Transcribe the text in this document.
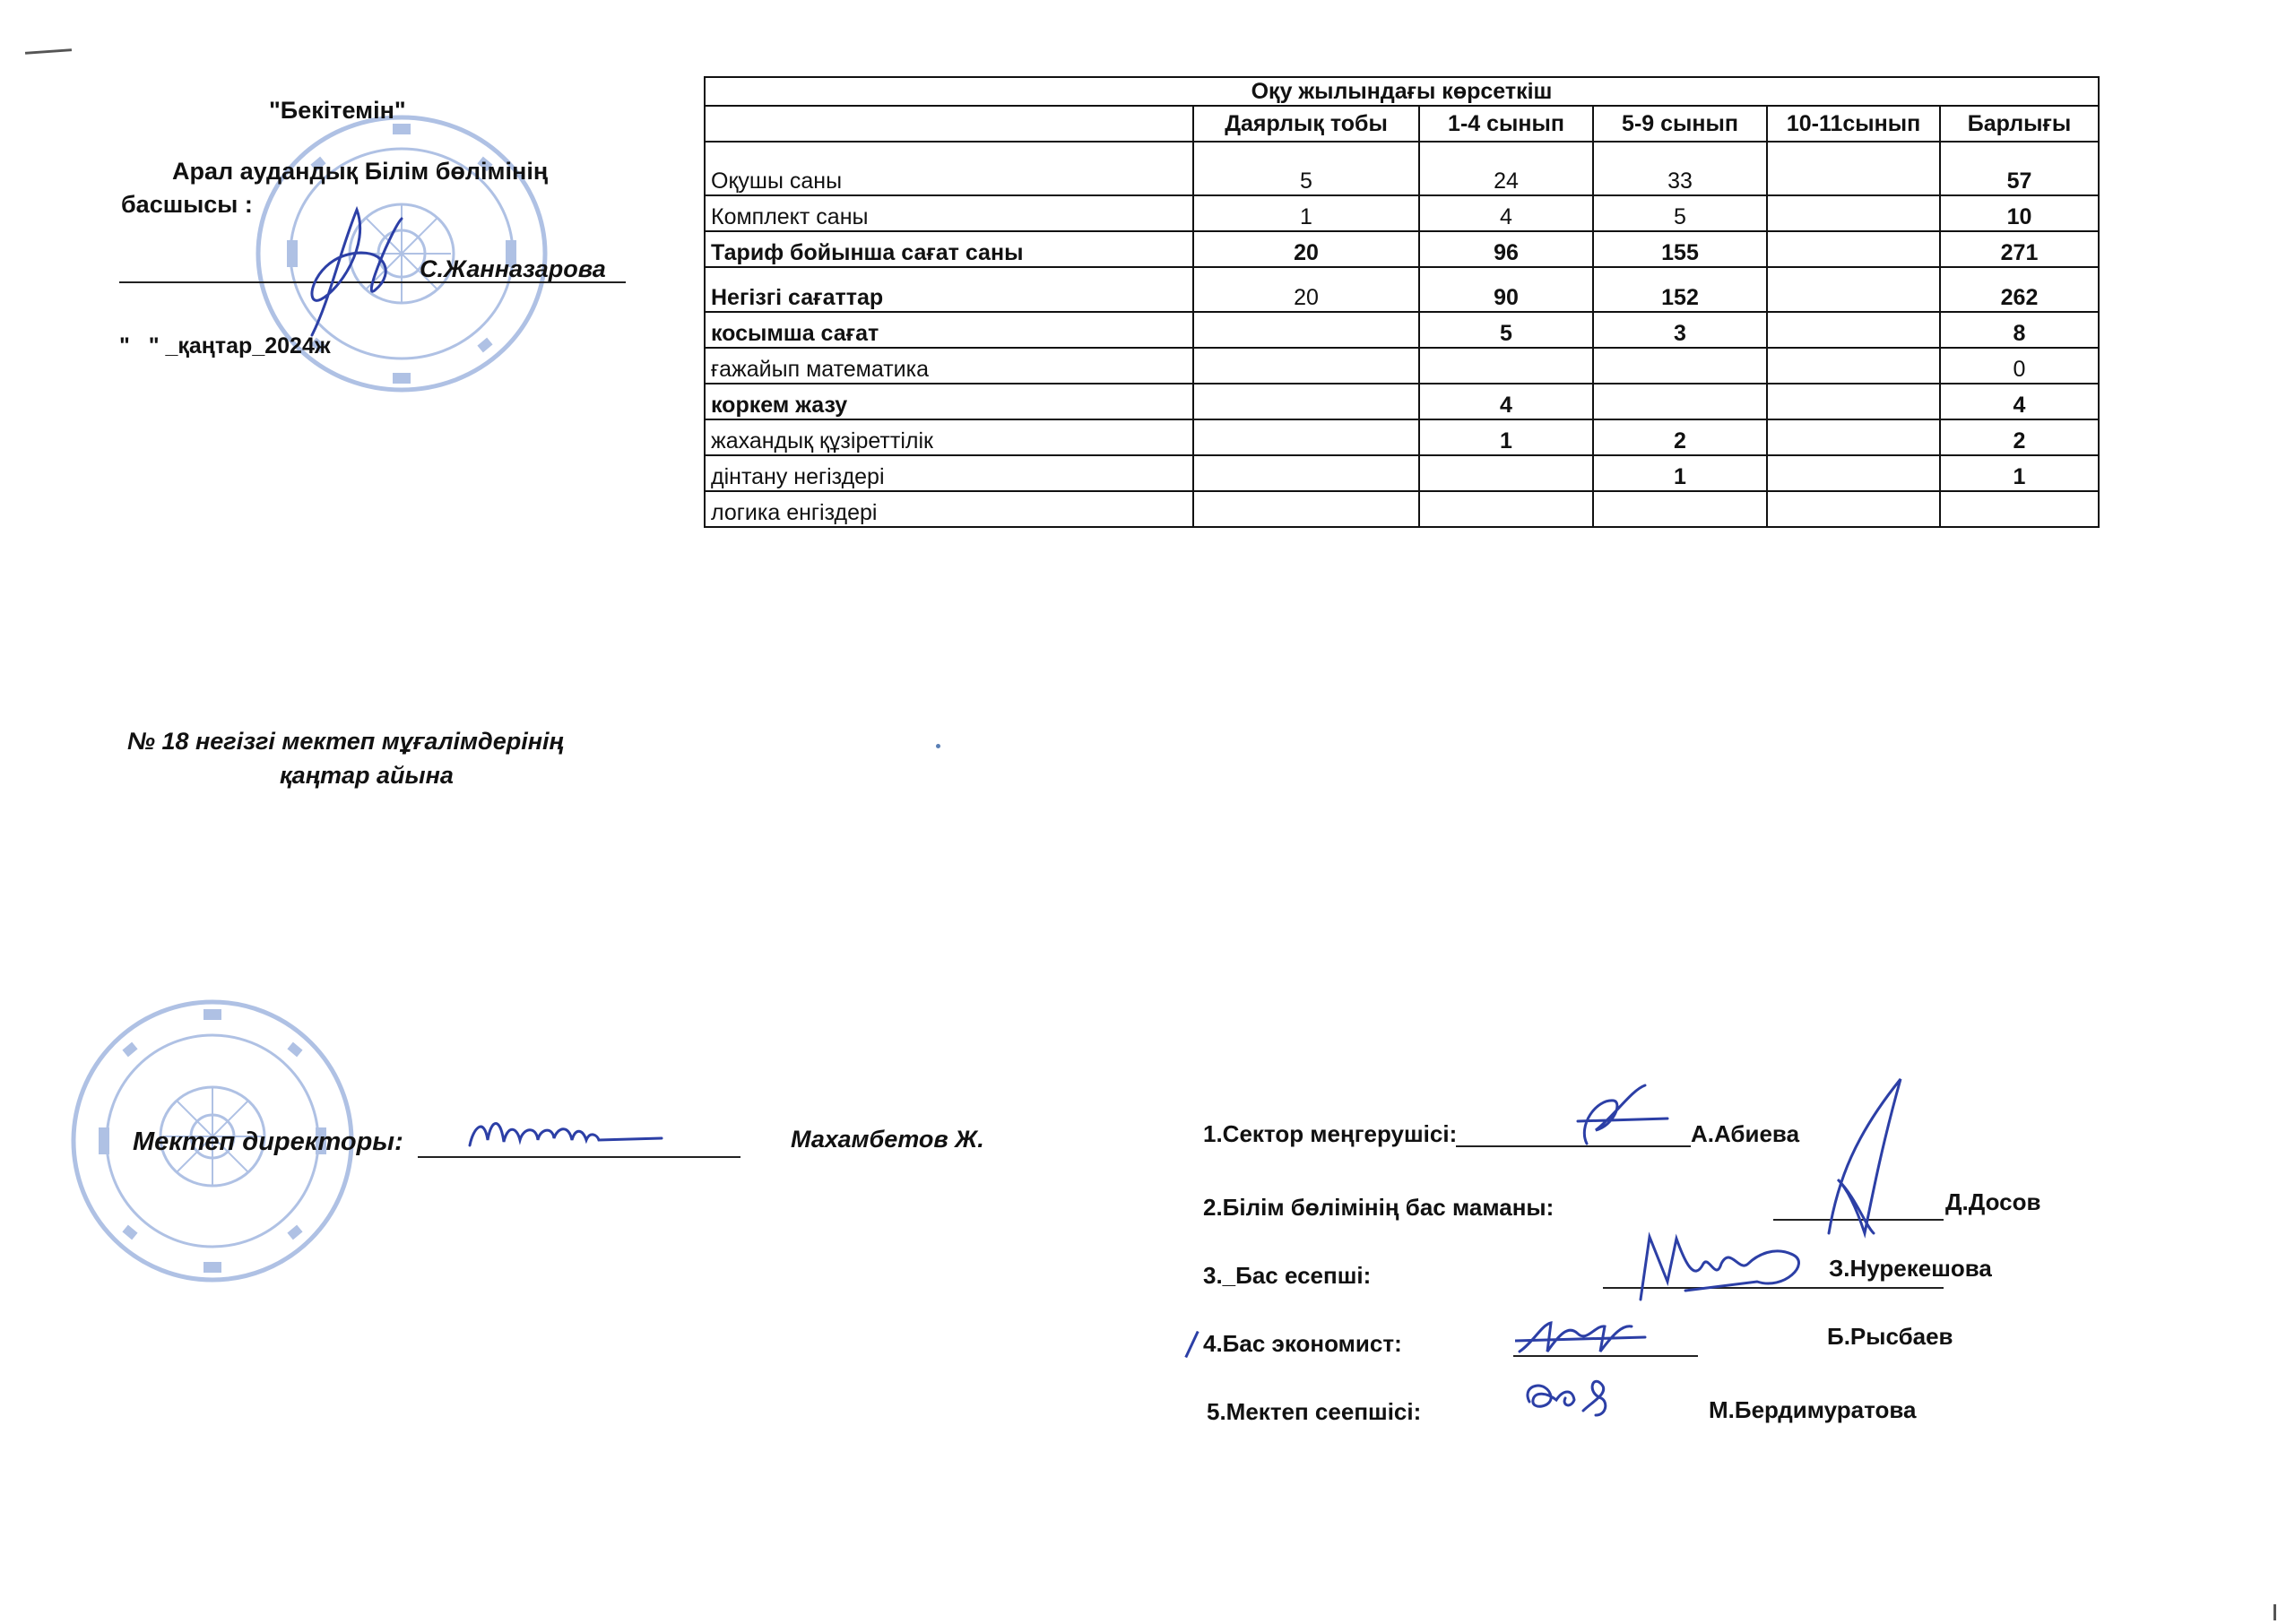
"Бекітемін"
Арал аудандық Білім бөлімінің
басшысы :
С.Жанназарова
"   " _қаңтар_2024ж
Оқу жылындағы көрсеткіш					
	Даярлық тобы	1-4 сынып	5-9 сынып	10-11сынып	Барлығы
Оқушы саны	5	24	33		57
Комплект саны	1	4	5		10
Тариф бойынша сағат саны	20	96	155		271
Негізгі сағаттар	20	90	152		262
косымша сағат		5	3		8
ғажайып математика					0
коркем жазу		4			4
жахандық құзіреттілік		1	2		2
дінтану негіздері			1		1
логика енгіздері					
№ 18 негізгі мектеп мұғалімдерінің
қаңтар айына
Мектеп директоры:	Махамбетов Ж.	1.Сектор меңгерушісі:	А.Абиева
2.Білім бөлімінің бас маманы:	Д.Досов
3._Бас есепші:	З.Нурекешова
4.Бас экономист:	Б.Рысбаев
5.Мектеп сеепшісі:	М.Бердимуратова
